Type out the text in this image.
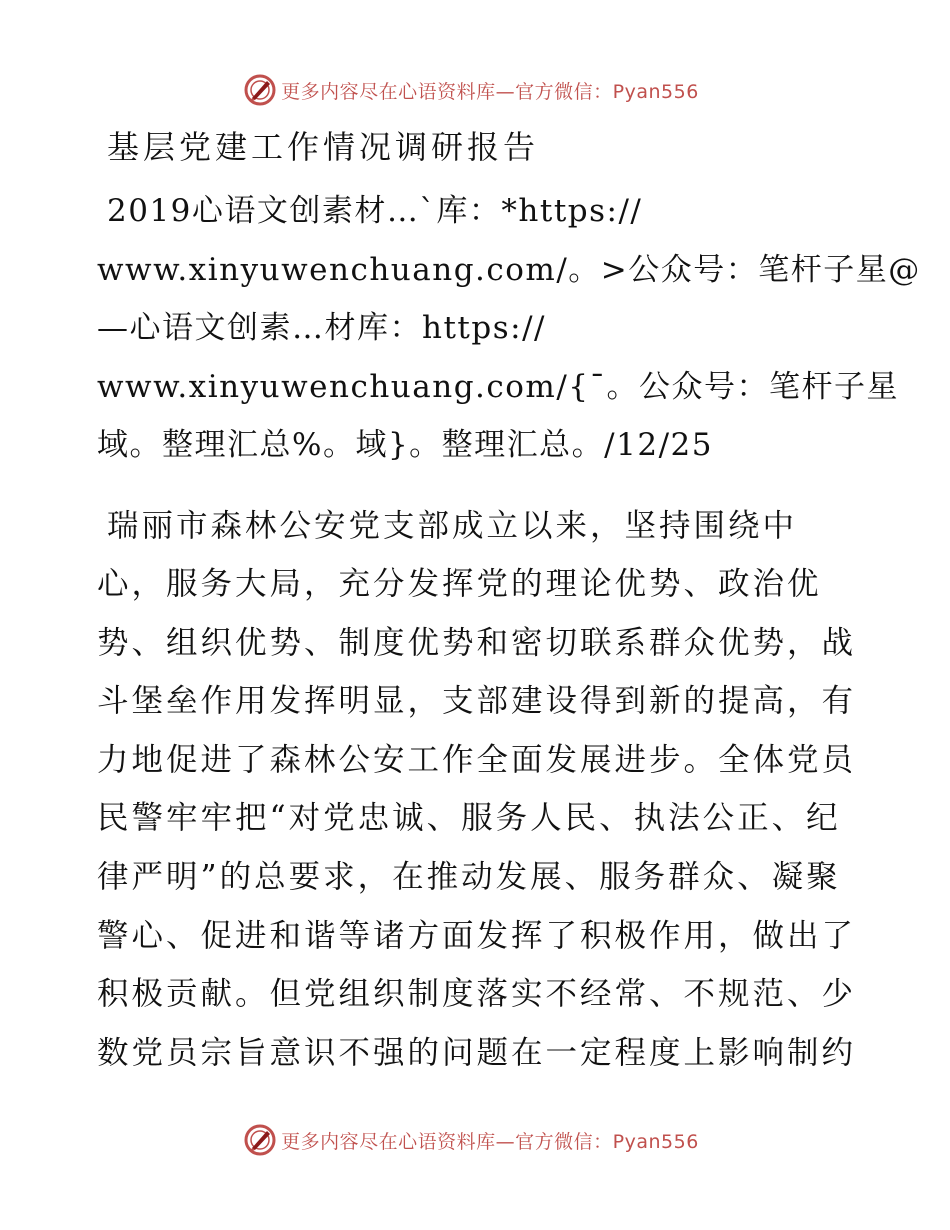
更多内容尽在心语资料库—官方微信：Pyan556
基层党建工作情况调研报告

2019心语文创素材…`库：*https://

www.xinyuwenchuang.com/。>公众号：笔杆子星@

—心语文创素…材库：https://

www.xinyuwenchuang.com/{¯。公众号：笔杆子星

域。整理汇总%。域}。整理汇总。/12/25

瑞丽市森林公安党支部成立以来，坚持围绕中

心，服务大局，充分发挥党的理论优势、政治优

势、组织优势、制度优势和密切联系群众优势，战

斗堡垒作用发挥明显，支部建设得到新的提高，有

力地促进了森林公安工作全面发展进步。全体党员

民警牢牢把“对党忠诚、服务人民、执法公正、纪

律严明”的总要求，在推动发展、服务群众、凝聚

警心、促进和谐等诸方面发挥了积极作用，做出了

积极贡献。但党组织制度落实不经常、不规范、少

数党员宗旨意识不强的问题在一定程度上影响制约

更多内容尽在心语资料库—官方微信：Pyan556
